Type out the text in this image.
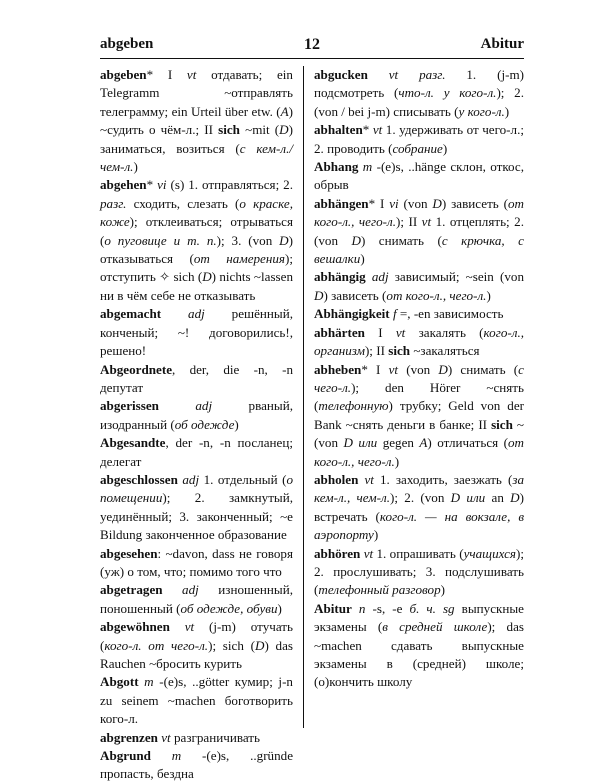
abgeben	12	Abitur
abgeben* I vt отдавать; ein Telegramm ~отправлять телеграмму; ein Urteil über etw. (A) ~судить о чём-л.; II sich ~mit (D) заниматься, возиться (с кем-л./чем-л.)
abgehen* vi (s) 1. отправляться; 2. разг. сходить, слезать (о краске, коже); отклеиваться; отрываться (о пуговице и т. п.); 3. (von D) отказываться (от намерения); отступить ✧ sich (D) nichts ~lassen ни в чём себе не отказывать
abgemacht adj решённый, конченый; ~! договорились!, решено!
Abgeordnete, der, die -n, -n депутат
abgerissen	adj рваный, изодранный (об одежде)
Abgesandte, der -n, -n посланец; делегат
abgeschlossen adj 1. отдельный (о помещении); 2. замкнутый, уединённый; 3. законченный; ~e Bildung законченное образование
abgesehen: ~davon, dass не говоря (уж) о том, что; помимо того что
abgetragen adj изношенный, поношенный (об одежде, обуви)
abgewöhnen vt (j-m) отучать (кого-л. от чего-л.); sich (D) das Rauchen ~бросить курить
Abgott m -(e)s, ..götter кумир; j-n zu seinem ~machen боготворить кого-л.
abgrenzen vt разграничивать
Abgrund m -(e)s, ..gründe пропасть, бездна
abgucken vt разг. 1. (j-m) подсмотреть (что-л. у кого-л.); 2. (von / bei j-m) списывать (у кого-л.)
abhalten* vt 1. удерживать от чего-л.; 2. проводить (собрание)
Abhang m -(e)s, ..hänge склон, откос, обрыв
abhängen* I vi (von D) зависеть (от кого-л., чего-л.); II vt 1. отцеплять; 2. (von D) снимать (с крючка, с вешалки)
abhängig adj зависимый; ~sein (von D) зависеть (от кого-л., чего-л.)
Abhängigkeit f =, -en зависимость
abhärten I vt закалять (кого-л., организм); II sich ~закаляться
abheben* I vt (von D) снимать (с чего-л.); den Hörer ~снять (телефонную) трубку; Geld von der Bank ~снять деньги в банке; II sich ~(von D или gegen A) отличаться (от кого-л., чего-л.)
abholen vt 1. заходить, заезжать (за кем-л., чем-л.); 2. (von D или an D) встречать (кого-л. — на вокзале, в аэропорту)
abhören vt 1. опрашивать (учащихся); 2. прослушивать; 3. подслушивать (телефонный разговор)
Abitur n -s, -e б. ч. sg выпускные экзамены (в средней школе); das ~machen сдавать выпускные экзамены в (средней) школе; (о)кончить школу
